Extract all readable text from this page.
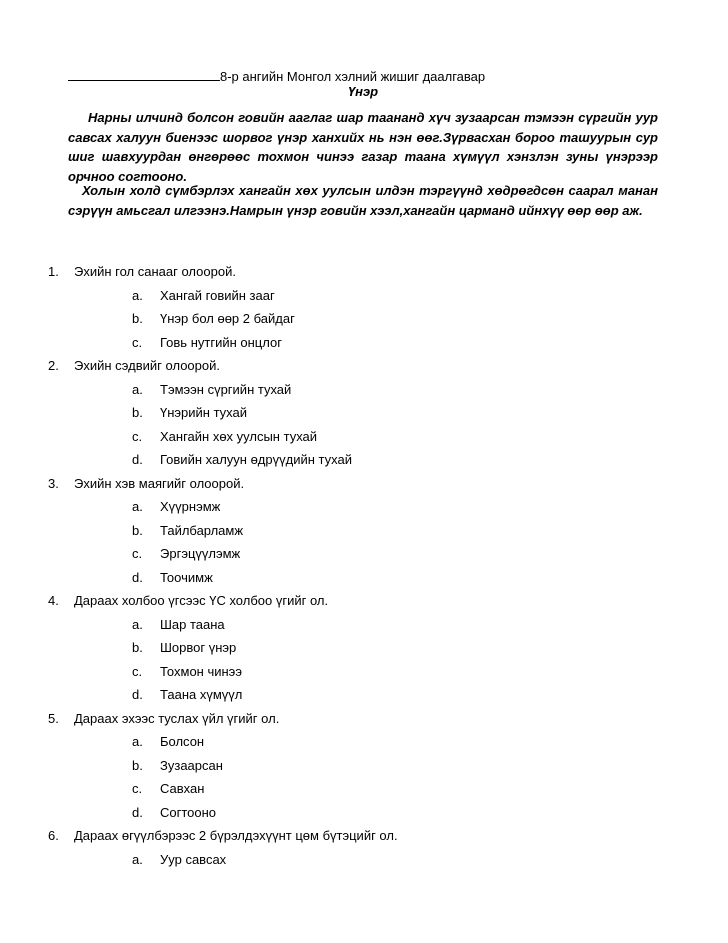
8-р ангийн Монгол хэлний жишиг даалгавар
Үнэр
Нарны илчинд болсон говийн ааглаг шар таананд хүч зузаарсан тэмээн сүргийн уур савсах халуун биенээс шорвог үнэр ханхийх нь нэн өөг.Зүрвасхан бороо ташуурын сур шиг шавхуурдан өнгөрөөс тохмон чинээ газар таана хүмүүл хэнзлэн зуны үнэрээр орчноо согтооно.
Холын холд сүмбэрлэх хангайн хөх уулсын илдэн тэргүүнд хөдрөгдсөн саарал манан сэрүүн амьсгал илгээнэ.Намрын үнэр говийн хээл,хангайн царманд ийнхүү өөр өөр аж.
1. Эхийн гол санааг олоорой.
a. Хангай говийн зааг
b. Үнэр бол өөр 2 байдаг
c. Говь нутгийн онцлог
2. Эхийн сэдвийг олоорой.
a. Тэмээн сүргийн тухай
b. Үнэрийн тухай
c. Хангайн хөх уулсын тухай
d. Говийн халуун өдрүүдийн тухай
3. Эхийн хэв маягийг олоорой.
a. Хүүрнэмж
b. Тайлбарламж
c. Эргэцүүлэмж
d. Тоочимж
4. Дараах холбоо үгсээс ҮС холбоо үгийг ол.
a. Шар таана
b. Шорвог үнэр
c. Тохмон чинээ
d. Таана хүмүүл
5. Дараах эхээс туслах үйл үгийг ол.
a. Болсон
b. Зузаарсан
c. Савхан
d. Согтооно
6. Дараах өгүүлбэрээс 2 бүрэлдэхүүнт цөм бүтэцийг ол.
a. Уур савсах
